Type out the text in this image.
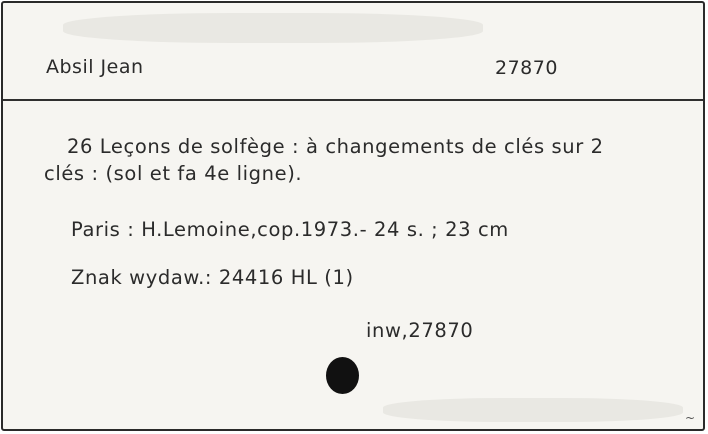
Absil Jean	27870
26 Leçons de solfège : à changements de clés sur 2
clés : (sol et fa 4e ligne).
Paris : H.Lemoine,cop.1973.- 24 s. ; 23 cm
Znak wydaw.: 24416 HL (1)
inw,27870
~
